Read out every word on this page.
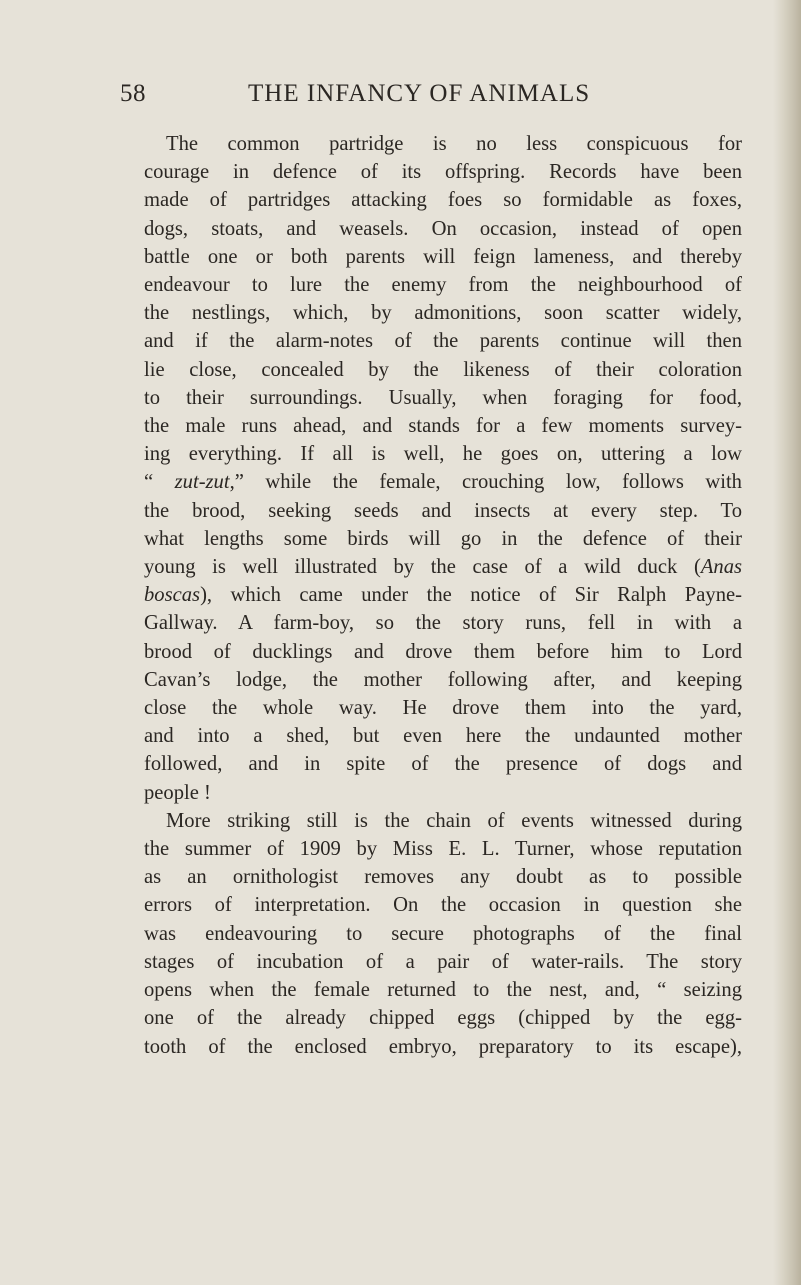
58	THE INFANCY OF ANIMALS
The common partridge is no less conspicuous for
courage in defence of its offspring. Records have been
made of partridges attacking foes so formidable as foxes,
dogs, stoats, and weasels. On occasion, instead of open
battle one or both parents will feign lameness, and thereby
endeavour to lure the enemy from the neighbourhood of
the nestlings, which, by admonitions, soon scatter widely,
and if the alarm-notes of the parents continue will then
lie close, concealed by the likeness of their coloration
to their surroundings. Usually, when foraging for food,
the male runs ahead, and stands for a few moments survey-
ing everything. If all is well, he goes on, uttering a low
“ zut-zut,” while the female, crouching low, follows with
the brood, seeking seeds and insects at every step. To
what lengths some birds will go in the defence of their
young is well illustrated by the case of a wild duck (Anas
boscas), which came under the notice of Sir Ralph Payne-
Gallway. A farm-boy, so the story runs, fell in with a
brood of ducklings and drove them before him to Lord
Cavan’s lodge, the mother following after, and keeping
close the whole way. He drove them into the yard,
and into a shed, but even here the undaunted mother
followed, and in spite of the presence of dogs and
people !
More striking still is the chain of events witnessed during
the summer of 1909 by Miss E. L. Turner, whose reputation
as an ornithologist removes any doubt as to possible
errors of interpretation. On the occasion in question she
was endeavouring to secure photographs of the final
stages of incubation of a pair of water-rails. The story
opens when the female returned to the nest, and, “ seizing
one of the already chipped eggs (chipped by the egg-
tooth of the enclosed embryo, preparatory to its escape),
